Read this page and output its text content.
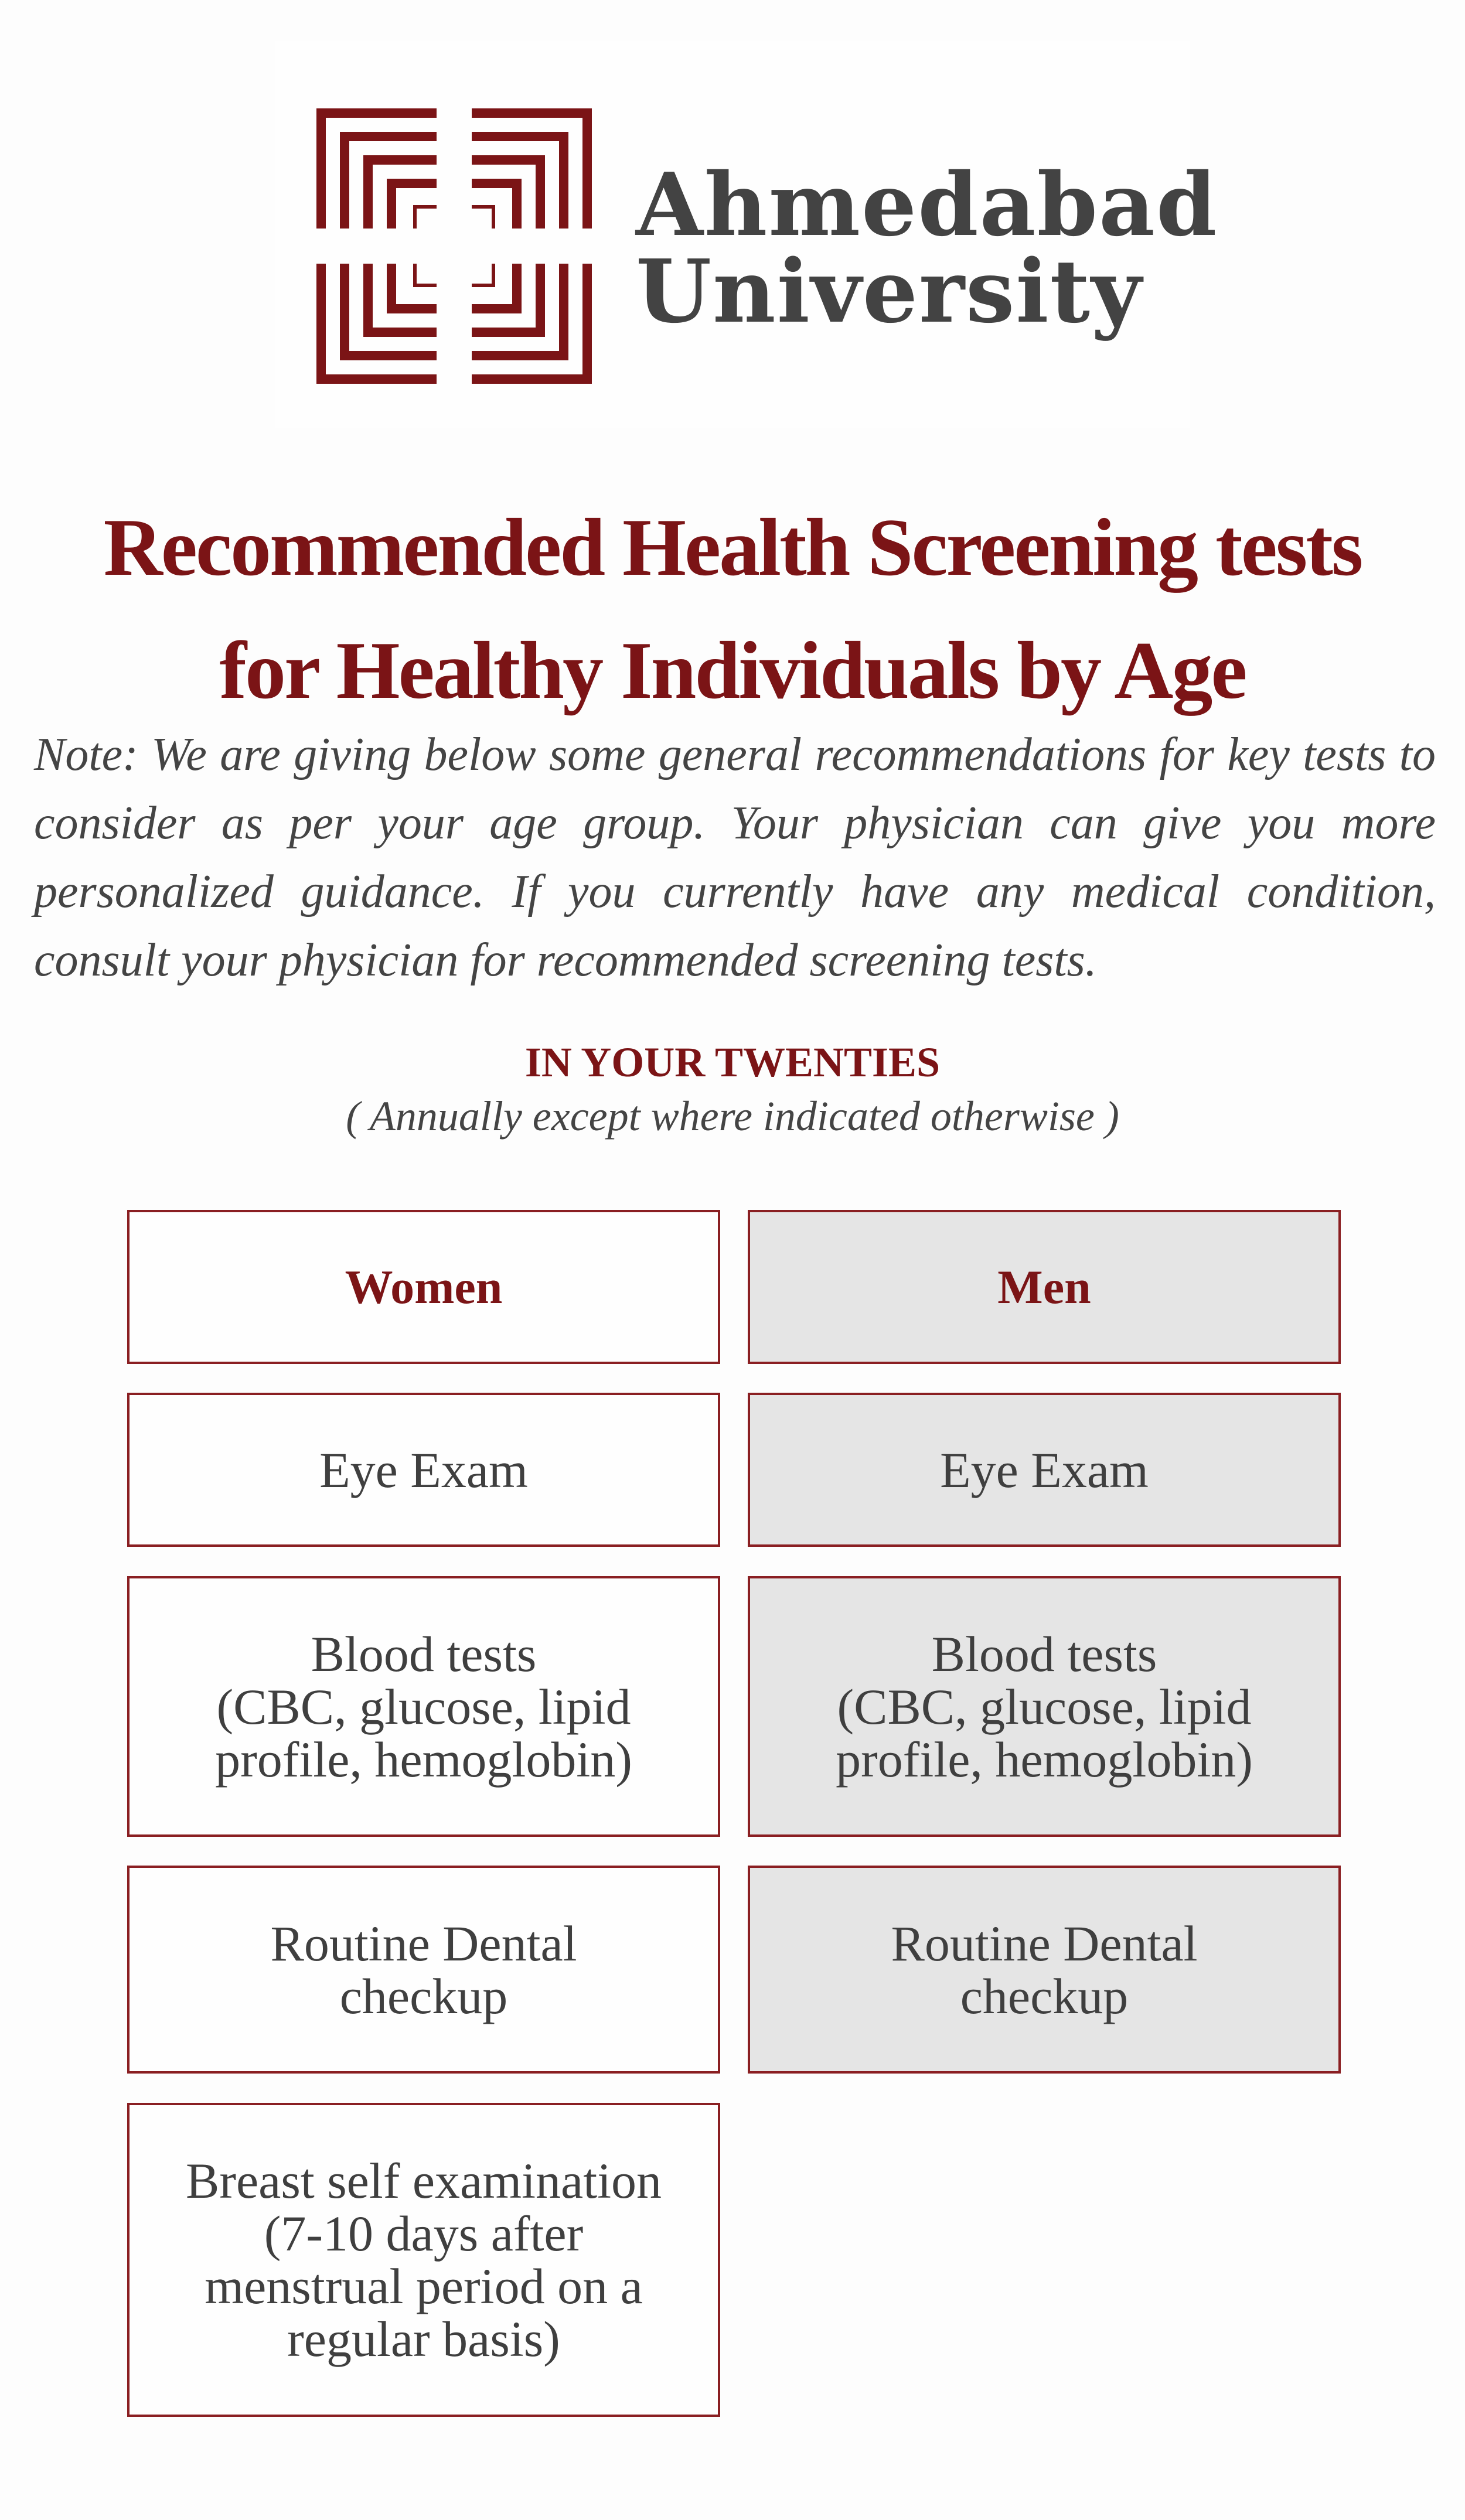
Ahmedabad
University
Recommended Health Screening tests
for Healthy Individuals by Age
Note: We are giving below some general recommendations for key tests to consider as per your age group. Your physician can give you more personalized guidance. If you currently have any medical condition, consult your physician for recommended screening tests.
IN YOUR TWENTIES
( Annually except where indicated otherwise )
Women	Men
Eye Exam	Eye Exam
Blood tests
(CBC, glucose, lipid
profile, hemoglobin)
Blood tests
(CBC, glucose, lipid
profile, hemoglobin)
Routine Dental
checkup
Routine Dental
checkup
Breast self examination
(7-10 days after
menstrual period on a
regular basis)
